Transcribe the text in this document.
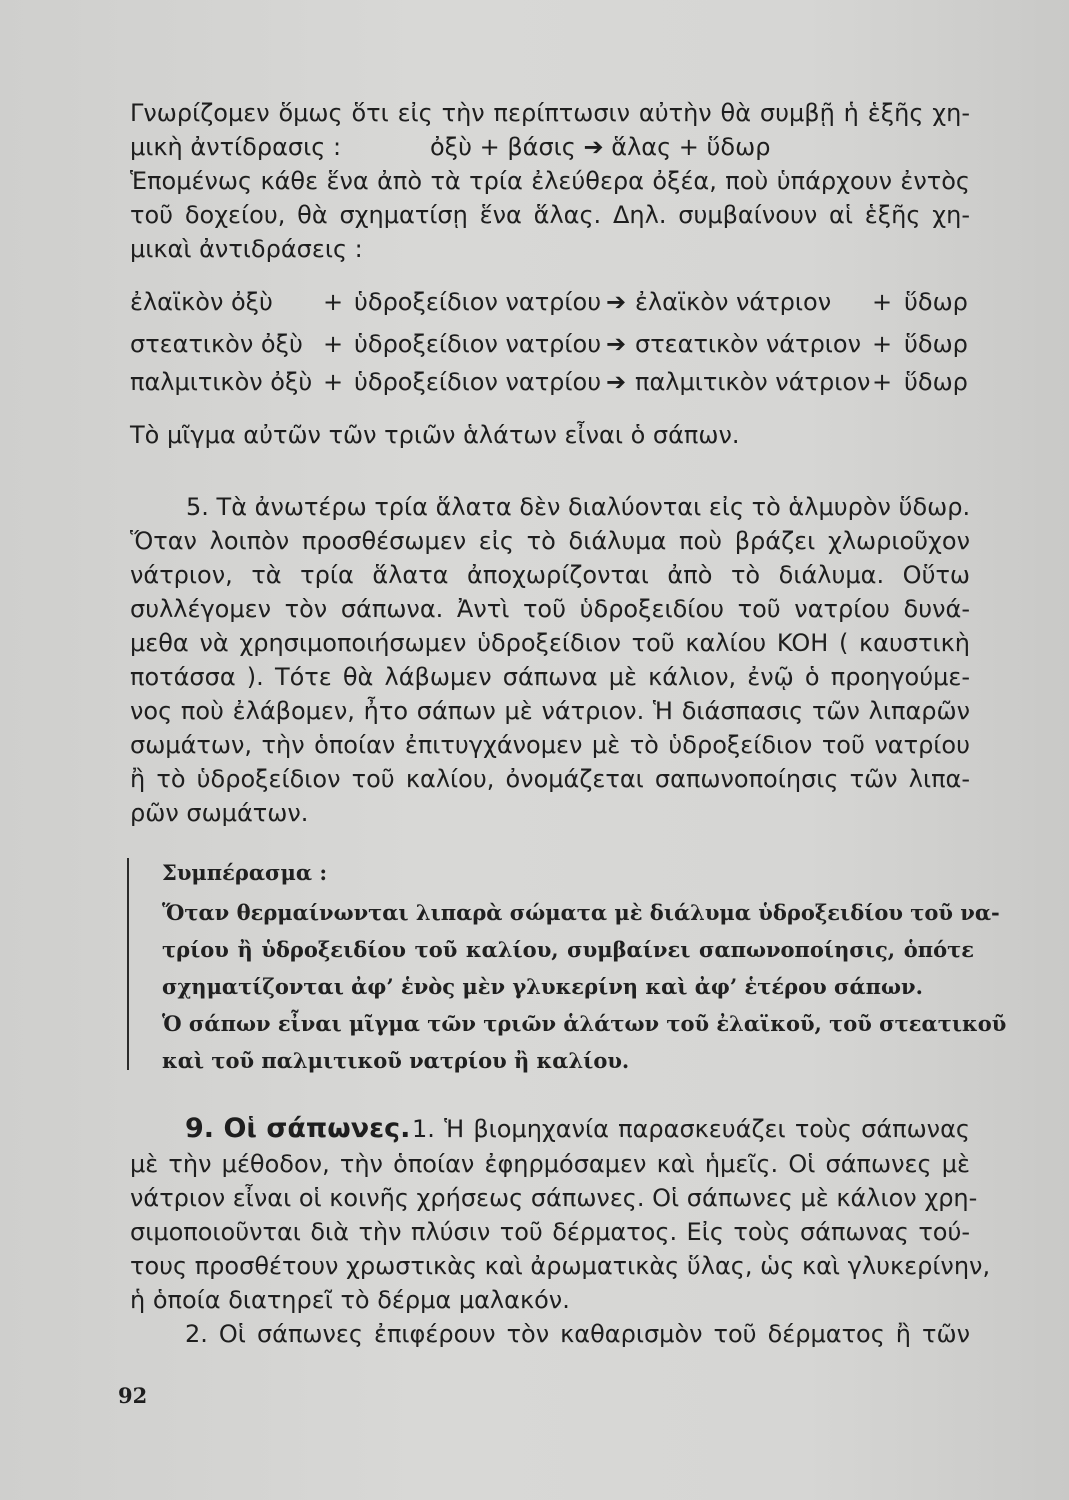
Γνωρίζομεν ὅμως ὅτι εἰς τὴν περίπτωσιν αὐτὴν θὰ συμβῇ ἡ ἑξῆς χη-
μικὴ ἀντίδρασις :	ὀξὺ + βάσις ➔ ἅλας + ὕδωρ
Ἑπομένως κάθε ἕνα ἀπὸ τὰ τρία ἐλεύθερα ὀξέα, ποὺ ὑπάρχουν ἐντὸς
τοῦ δοχείου, θὰ σχηματίσῃ ἕνα ἅλας. Δηλ. συμβαίνουν αἱ ἑξῆς χη-
μικαὶ ἀντιδράσεις :
ἐλαϊκὸν ὀξὺ + ὑδροξείδιον νατρίου ➔ ἐλαϊκὸν νάτριον + ὕδωρ
στεατικὸν ὀξὺ + ὑδροξείδιον νατρίου ➔ στεατικὸν νάτριον + ὕδωρ
παλμιτικὸν ὀξὺ + ὑδροξείδιον νατρίου ➔ παλμιτικὸν νάτριον + ὕδωρ
Τὸ μῖγμα αὐτῶν τῶν τριῶν ἁλάτων εἶναι ὁ σάπων.
5. Τὰ ἀνωτέρω τρία ἅλατα δὲν διαλύονται εἰς τὸ ἁλμυρὸν ὕδωρ.
Ὅταν λοιπὸν προσθέσωμεν εἰς τὸ διάλυμα ποὺ βράζει χλωριοῦχον
νάτριον, τὰ τρία ἅλατα ἀποχωρίζονται ἀπὸ τὸ διάλυμα. Οὕτω
συλλέγομεν τὸν σάπωνα. Ἀντὶ τοῦ ὑδροξειδίου τοῦ νατρίου δυνά-
μεθα νὰ χρησιμοποιήσωμεν ὑδροξείδιον τοῦ καλίου KOH ( καυστικὴ
ποτάσσα ). Τότε θὰ λάβωμεν σάπωνα μὲ κάλιον, ἐνῷ ὁ προηγούμε-
νος ποὺ ἐλάβομεν, ἦτο σάπων μὲ νάτριον. Ἡ διάσπασις τῶν λιπαρῶν
σωμάτων, τὴν ὁποίαν ἐπιτυγχάνομεν μὲ τὸ ὑδροξείδιον τοῦ νατρίου
ἢ τὸ ὑδροξείδιον τοῦ καλίου, ὀνομάζεται σαπωνοποίησις τῶν λιπα-
ρῶν σωμάτων.
Συμπέρασμα :
Ὅταν θερμαίνωνται λιπαρὰ σώματα μὲ διάλυμα ὑδροξειδίου τοῦ να-
τρίου ἢ ὑδροξειδίου τοῦ καλίου, συμβαίνει σαπωνοποίησις, ὁπότε
σχηματίζονται ἀφ’ ἑνὸς μὲν γλυκερίνη καὶ ἀφ’ ἑτέρου σάπων.
Ὁ σάπων εἶναι μῖγμα τῶν τριῶν ἁλάτων τοῦ ἐλαϊκοῦ, τοῦ στεατικοῦ
καὶ τοῦ παλμιτικοῦ νατρίου ἢ καλίου.
9. Οἱ σάπωνες. 1. Ἡ βιομηχανία παρασκευάζει τοὺς σάπωνας
μὲ τὴν μέθοδον, τὴν ὁποίαν ἐφηρμόσαμεν καὶ ἡμεῖς. Οἱ σάπωνες μὲ
νάτριον εἶναι οἱ κοινῆς χρήσεως σάπωνες. Οἱ σάπωνες μὲ κάλιον χρη-
σιμοποιοῦνται διὰ τὴν πλύσιν τοῦ δέρματος. Εἰς τοὺς σάπωνας τού-
τους προσθέτουν χρωστικὰς καὶ ἀρωματικὰς ὕλας, ὡς καὶ γλυκερίνην,
ἡ ὁποία διατηρεῖ τὸ δέρμα μαλακόν.
2. Οἱ σάπωνες ἐπιφέρουν τὸν καθαρισμὸν τοῦ δέρματος ἢ τῶν
92
